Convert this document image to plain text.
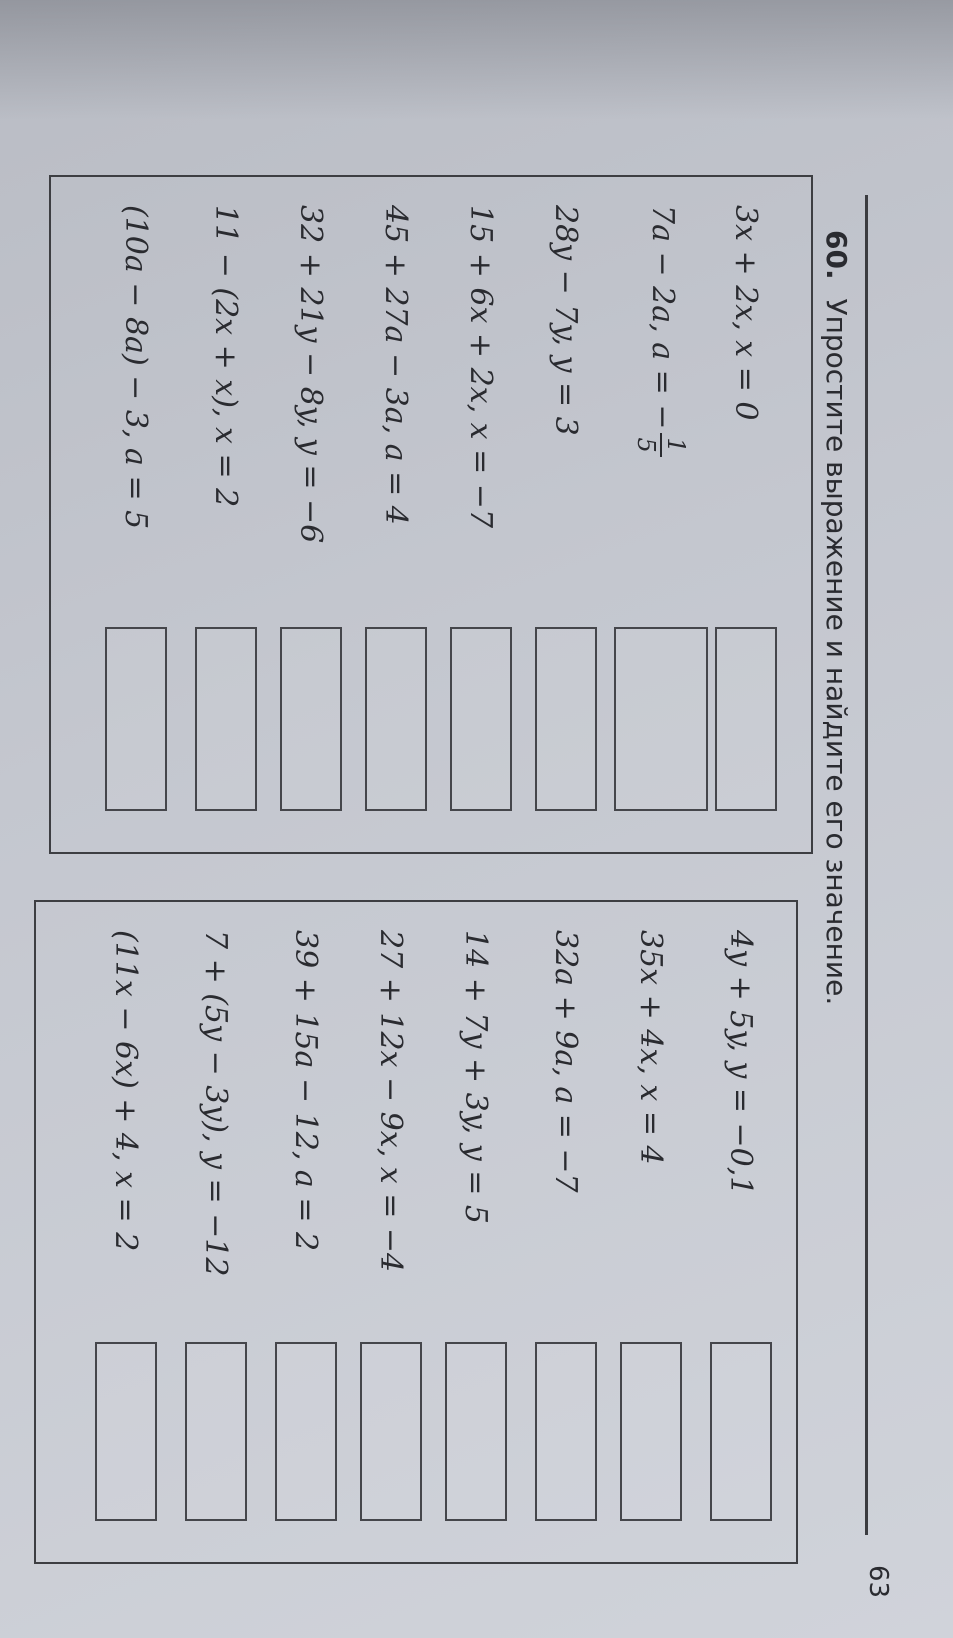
63
60. Упростите выражение и найдите его значение.
3x + 2x, x = 0
7a − 2a, a = −
1
5
28y − 7y, y = 3
15 + 6x + 2x, x = −7
45 + 27a − 3a, a = 4
32 + 21y − 8y, y = −6
11 − (2x + x), x = 2
(10a − 8a) − 3, a = 5
4y + 5y, y = −0,1
35x + 4x, x = 4
32a + 9a, a = −7
14 + 7y + 3y, y = 5
27 + 12x − 9x, x = −4
39 + 15a − 12, a = 2
7 + (5y − 3y), y = −12
(11x − 6x) + 4, x = 2
